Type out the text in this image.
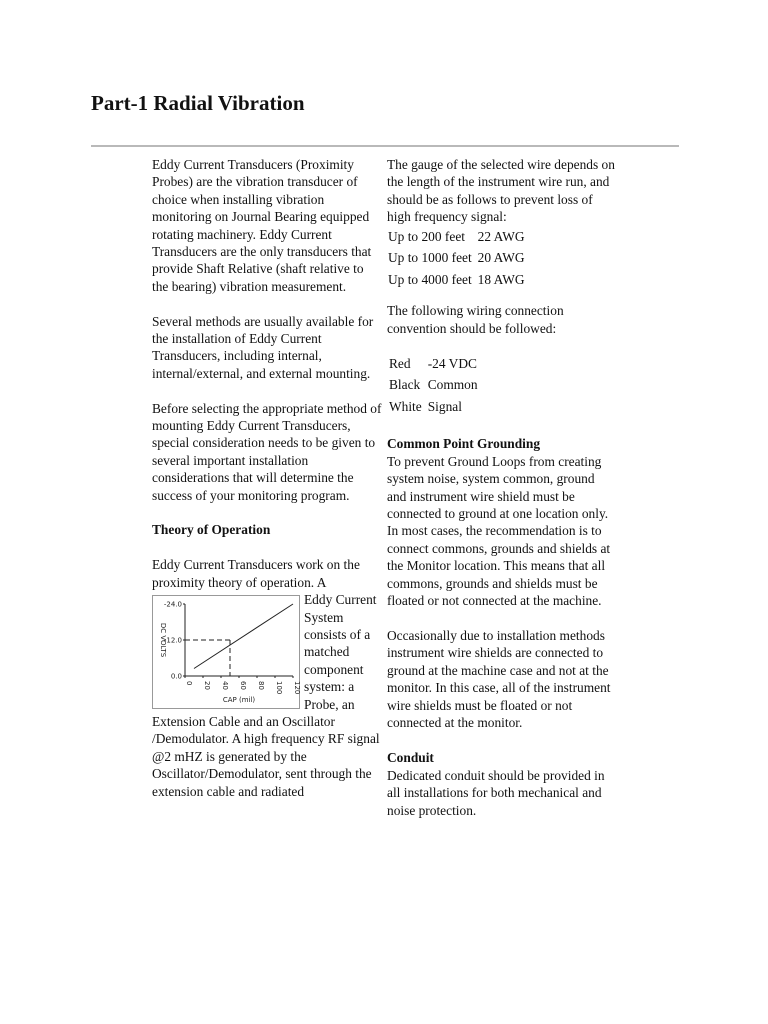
Part-1 Radial Vibration

Eddy Current Transducers (Proximity Probes) are the vibration transducer of choice when installing vibration monitoring on Journal Bearing equipped rotating machinery. Eddy Current Transducers are the only transducers that provide Shaft Relative (shaft relative to the bearing) vibration measurement.

Several methods are usually available for the installation of Eddy Current Transducers, including internal, internal/external, and external mounting.

Before selecting the appropriate method of mounting Eddy Current Transducers, special consideration needs to be given to several important installation considerations that will determine the success of your monitoring program.

Theory of Operation

Eddy Current Transducers work on the proximity theory of operation. A

-24.0
-12.0
0.0
0 20 40 60 80 100 120
CAP (mil)
DC VOLTS

Eddy Current System consists of a matched component system: a Probe, an Extension Cable and an Oscillator /Demodulator. A high frequency RF signal @2 mHZ is generated by the Oscillator/Demodulator, sent through the extension cable and radiated

The gauge of the selected wire depends on the length of the instrument wire run, and should be as follows to prevent loss of high frequency signal:

Up to 200 feet	22 AWG
Up to 1000 feet	20 AWG
Up to 4000 feet	18 AWG

The following wiring connection convention should be followed:

Red	-24 VDC
Black	Common
White	Signal

Common Point Grounding

To prevent Ground Loops from creating system noise, system common, ground and instrument wire shield must be connected to ground at one location only. In most cases, the recommendation is to connect commons, grounds and shields at the Monitor location. This means that all commons, grounds and shields must be floated or not connected at the machine.

Occasionally due to installation methods instrument wire shields are connected to ground at the machine case and not at the monitor. In this case, all of the instrument wire shields must be floated or not connected at the monitor.

Conduit

Dedicated conduit should be provided in all installations for both mechanical and noise protection.
